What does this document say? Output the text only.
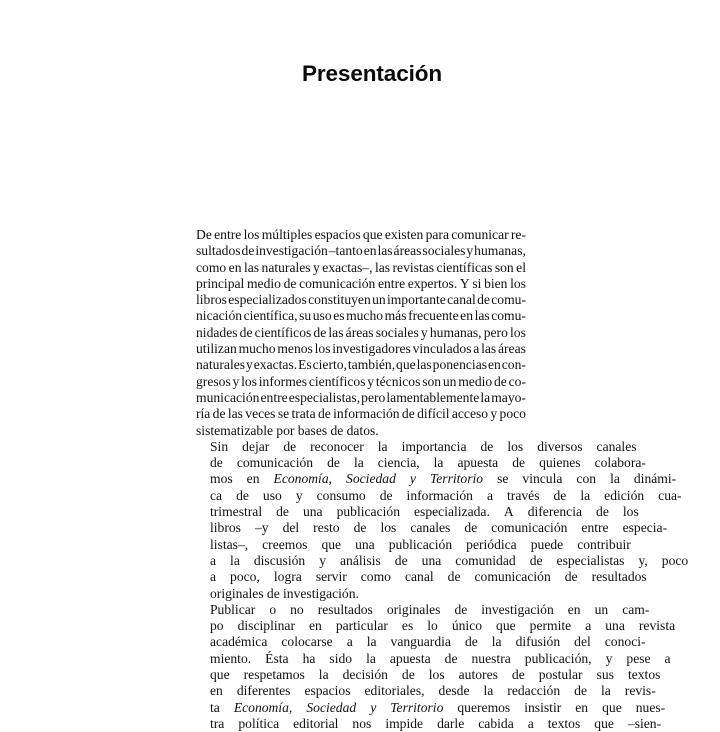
Presentación

De entre los múltiples espacios que existen para comunicar re-
sultados de investigación –tanto en las áreas sociales y humanas,
como en las naturales y exactas–, las revistas científicas son el
principal medio de comunicación entre expertos. Y si bien los
libros especializados constituyen un importante canal de comu-
nicación científica, su uso es mucho más frecuente en las comu-
nidades de científicos de las áreas sociales y humanas, pero los
utilizan mucho menos los investigadores vinculados a las áreas
naturales y exactas. Es cierto, también, que las ponencias en con-
gresos y los informes científicos y técnicos son un medio de co-
municación entre especialistas, pero lamentablemente la mayo-
ría de las veces se trata de información de difícil acceso y poco
sistematizable por bases de datos.

Sin	dejar	de	reconocer	la	importancia	de	los	diversos	canales
de	comunicación	de	la	ciencia,	la	apuesta	de	quienes	colabora-
mos	en	Economía,	Sociedad	y	Territorio	se	vincula	con	la	dinámi-
ca	de	uso	y	consumo	de	información	a	través	de	la	edición	cua-
trimestral	de	una	publicación	especializada.	A	diferencia	de	los
libros	–y	del	resto	de	los	canales	de	comunicación	entre	especia-
listas–,	creemos	que	una	publicación	periódica	puede	contribuir
a	la	discusión	y	análisis	de	una	comunidad	de	especialistas	y,	poco
a	poco,	logra	servir	como	canal	de	comunicación	de	resultados
originales de investigación.

Publicar	o	no	resultados	originales	de	investigación	en	un	cam-
po	disciplinar	en	particular	es	lo	único	que	permite	a	una	revista
académica	colocarse	a	la	vanguardia	de	la	difusión	del	conoci-
miento.	Ésta	ha	sido	la	apuesta	de	nuestra	publicación,	y	pese	a
que	respetamos	la	decisión	de	los	autores	de	postular	sus	textos
en	diferentes	espacios	editoriales,	desde	la	redacción	de	la	revis-
ta	Economía,	Sociedad	y	Territorio	queremos	insistir	en	que	nues-
tra	política	editorial	nos	impide	darle	cabida	a	textos	que	–sien-
